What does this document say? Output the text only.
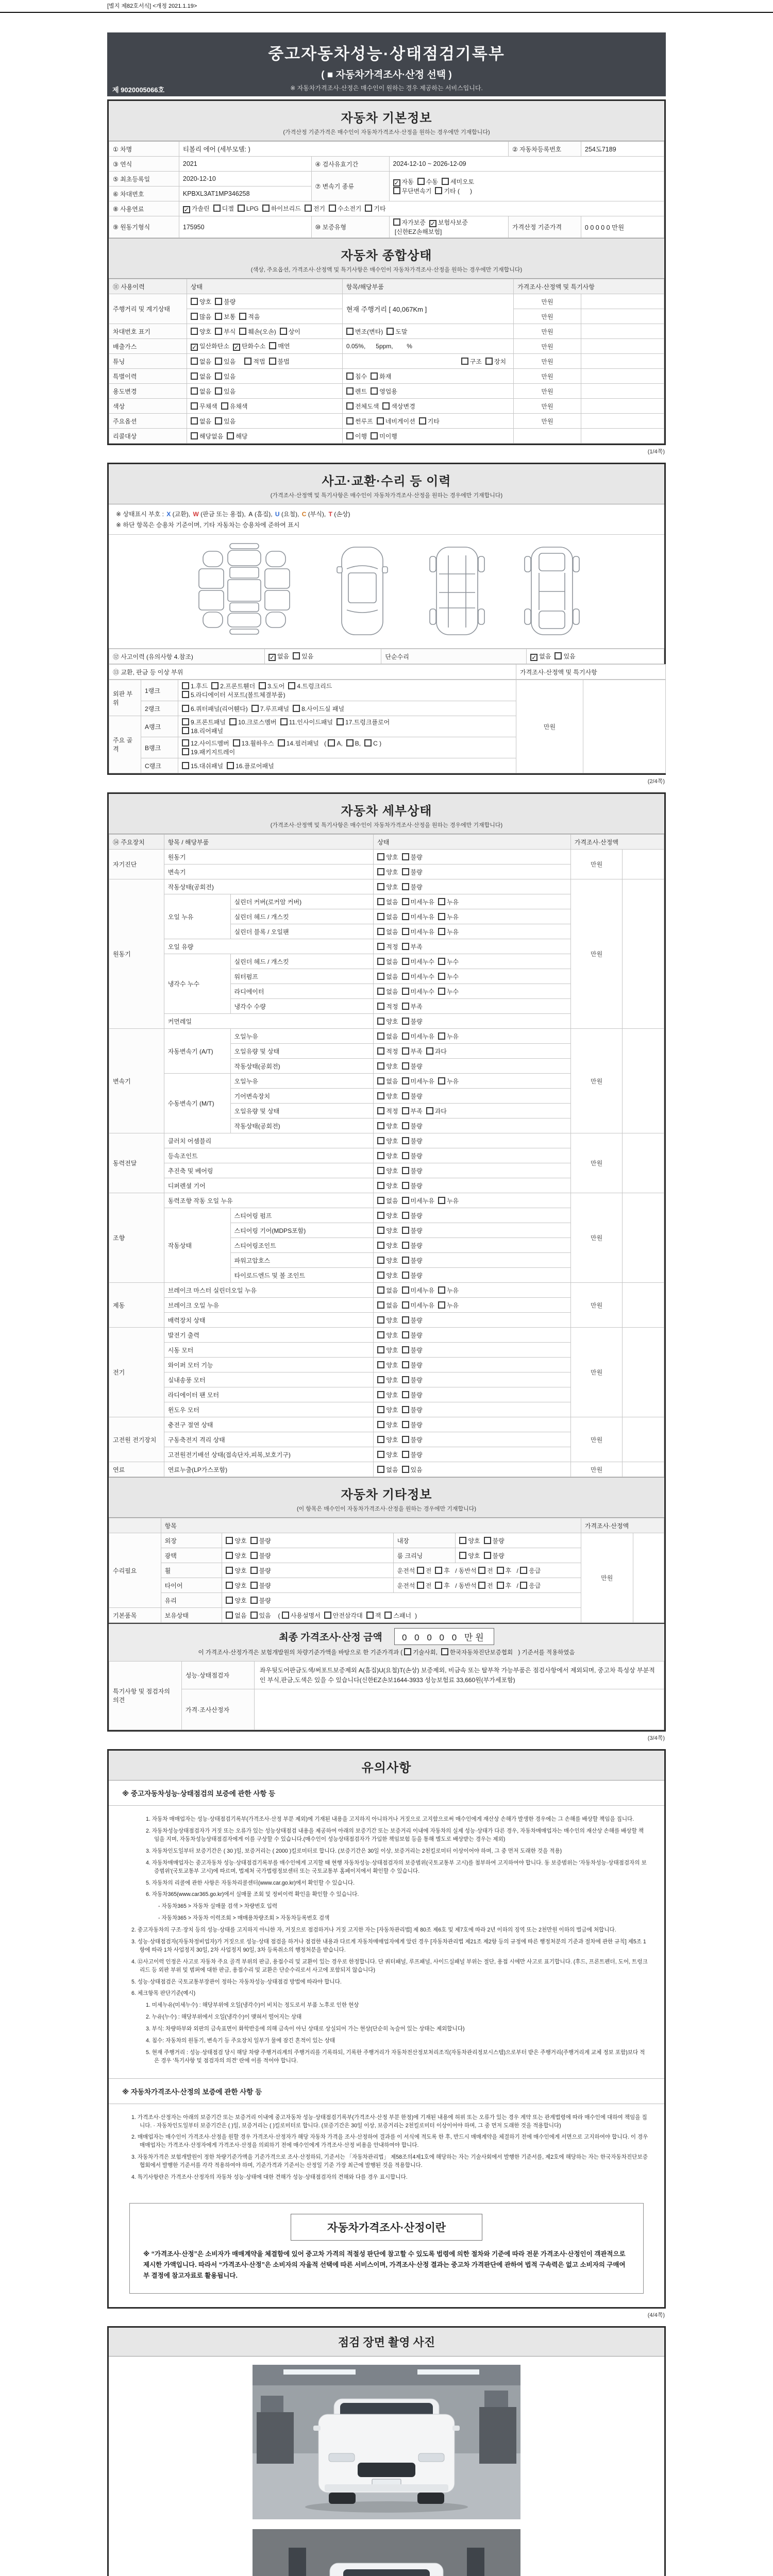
[별지 제82호서식] <개정 2021.1.19>
중고자동차성능·상태점검기록부
( ■ 자동차가격조사·산정 선택 )
※ 자동차가격조사·산정은 매수인이 원하는 경우 제공하는 서비스입니다.
제 9020005066호
자동차 기본정보
(가격산정 기준가격은 매수인이 자동차가격조사·산정을 원하는 경우에만 기재합니다)
① 차명	티볼리 에어 (세부모델: )			② 자동차등록번호	254도7189
③ 연식	2021	④ 검사유효기간	2024-12-10 ~ 2026-12-09		
⑤ 최초등록일	2020-12-10	⑦ 변속기 종류	✓ 자동 수동 세미오토
무단변속기 기타 (      )		
⑥ 차대번호	KPBXL3AT1MP346258				
⑧ 사용연료	✓ 가솔린 디젤 LPG 하이브리드 전기 수소전기 기타				
⑨ 원동기형식	175950	⑩ 보증유형	자가보증 ✓ 보험사보증 [신한EZ손해보험]	가격산정 기준가격	0 0 0 0 0 만원
자동차 종합상태
(색상, 주요옵션, 가격조사·산정액 및 특기사항은 매수인이 자동차가격조사·산정을 원하는 경우에만 기재합니다)
⑪ 사용이력	상태	항목/해당부품	가격조사·산정액 및 특기사항	
주행거리 및 계기상태	양호 불량	현재 주행거리 [ 40,067Km ]	만원	
	많음 보통 적음		만원	
차대번호 표기	양호 부식 훼손(오손) 상이	변조(변타) 도말	만원	
배출가스	✓ 일산화탄소 ✓ 탄화수소 매연	0.05%,      5ppm,        %	만원	
튜닝	없음 있음 적법 불법	구조 장치	만원	
특별이력	없음 있음	침수 화재	만원	
용도변경	없음 있음	렌트 영업용	만원	
색상	무채색 유채색	전체도색 색상변경	만원	
주요옵션	없음 있음	썬루프 네비게이션 기타	만원	
리콜대상	해당없음 해당	이행 미이행		
(1/4쪽)
사고·교환·수리 등 이력
(가격조사·산정액 및 특기사항은 매수인이 자동차가격조사·산정을 원하는 경우에만 기재합니다)
※ 상태표시 부호 : X (교환), W (판금 또는 용접), A (흠집), U (요철), C (부식), T (손상)
※ 하단 항목은 승용차 기준이며, 기타 자동차는 승용차에 준하여 표시
⑫ 사고이력 (유의사항 4.참조)	✓ 없음 있음	단순수리	✓ 없음 있음
⑬ 교환, 판금 등 이상 부위	가격조사·산정액 및 특기사항
외판 부위	1랭크	1.후드 2.프론트휀더 3.도어 4.트렁크리드
5.라디에이터 서포트(볼트체결부품)	만원	
	2랭크	6.쿼터패널(리어휀다) 7.루프패널 8.사이드실 패널		
주요 골격	A랭크	9.프론트패널 10.크로스멤버 11.인사이드패널 17.트렁크플로어
18.리어패널		
	B랭크	12.사이드멤버 13.휠하우스 14.필러패널 ( A, B, C )
19.패키지트레이		
	C랭크	15.대쉬패널 16.플로어패널		
(2/4쪽)
자동차 세부상태
(가격조사·산정액 및 특기사항은 매수인이 자동차가격조사·산정을 원하는 경우에만 기재합니다)
⑭ 주요장치	항목 / 해당부품		상태	가격조사·산정액	
자기진단	원동기		양호 불량	만원	
	변속기		양호 불량		
원동기	작동상태(공회전)		양호 불량	만원	
	오일 누유	실린더 커버(로커암 커버)	없음 미세누유 누유		
		실린더 헤드 / 개스킷	없음 미세누유 누유		
		실린더 블록 / 오일팬	없음 미세누유 누유		
	오일 유량		적정 부족		
	냉각수 누수	실린더 헤드 / 개스킷	없음 미세누수 누수		
		워터펌프	없음 미세누수 누수		
		라디에이터	없음 미세누수 누수		
		냉각수 수량	적정 부족		
	커먼레일		양호 불량		
변속기	자동변속기 (A/T)	오일누유	없음 미세누유 누유	만원	
		오일유량 및 상태	적정 부족 과다		
		작동상태(공회전)	양호 불량		
	수동변속기 (M/T)	오일누유	없음 미세누유 누유		
		기어변속장치	양호 불량		
		오일유량 및 상태	적정 부족 과다		
		작동상태(공회전)	양호 불량		
동력전달	클러치 어셈블리		양호 불량	만원	
	등속조인트		양호 불량		
	추진축 및 베어링		양호 불량		
	디퍼렌셜 기어		양호 불량		
조향	동력조향 작동 오일 누유		없음 미세누유 누유	만원	
	작동상태	스티어링 펌프	양호 불량		
		스티어링 기어(MDPS포함)	양호 불량		
		스티어링조인트	양호 불량		
		파워고압호스	양호 불량		
		타이로드엔드 및 볼 조인트	양호 불량		
제동	브레이크 마스터 실린더오일 누유		없음 미세누유 누유	만원	
	브레이크 오일 누유		없음 미세누유 누유		
	배력장치 상태		양호 불량		
전기	발전기 출력		양호 불량	만원	
	시동 모터		양호 불량		
	와이퍼 모터 기능		양호 불량		
	실내송풍 모터		양호 불량		
	라디에이터 팬 모터		양호 불량		
	윈도우 모터		양호 불량		
고전원 전기장치	충전구 절연 상태		양호 불량	만원	
	구동축전지 격리 상태		양호 불량		
	고전원전기배선 상태(접속단자,피복,보호기구)		양호 불량		
연료	연료누출(LP가스포함)		없음 있음	만원	
자동차 기타정보
(이 항목은 매수인이 자동차가격조사·산정을 원하는 경우에만 기재합니다)
	항목				가격조사·산정액	
수리필요	외장	양호 불량	내장	양호 불량	만원	
	광택	양호 불량	룸 크리닝	양호 불량		
	휠	양호 불량	운전석 전 후 / 동반석 전 후 / 응급			
	타이어	양호 불량	운전석 전 후 / 동반석 전 후 / 응급			
	유리	양호 불량				
기본품목	보유상태	없음 있음  ( 사용설명서 안전삼각대 잭 스패너 )				
최종 가격조사·산정 금액 0 0 0 0 0 만원
이 가격조사·산정가격은 보험개발원의 차량기준가액을 바탕으로 한 기준가격과 ( 기술사회, 한국자동차진단보증협회 ) 기준서를 적용하였음
특기사항 및 점검자의 의견	성능·상태점검자	좌우뒷도어판금도색/써포트보증제외 A(흠집)U(요철)T(손상) 보증제외, 비금속 또는 탈부착 가능부품은 점검사항에서 제외되며, 중고차 특성상 부분적인 부식,판금,도색은 있을 수 있습니다(신한EZ손보1644-3933 성능보험료 33,660원(부가세포함)
	가격·조사산정자	
(3/4쪽)
유의사항
※ 중고자동차성능·상태점검의 보증에 관한 사항 등
1. 자동차 매매업자는 성능·상태점검기록부(가격조사·산정 부분 제외)에 기재된 내용을 고지하지 아니하거나 거짓으로 고지함으로써 매수인에게 재산상 손해가 발생한 경우에는 그 손해를 배상할 책임을 집니다.
2. 자동차성능상태점검자가 거짓 또는 오류가 있는 성능상태점검 내용을 제공하여 아래의 보증기간 또는 보증거리 이내에 자동차의 실제 성능·상태가 다른 경우, 자동차매매업자는 매수인의 재산상 손해를 배상할 책임을 지며, 자동차성능상태점검자에게 이를 구상할 수 있습니다.(매수인이 성능상태점검자가 가입한 책임보험 등을 통해 별도로 배상받는 경우는 제외)
3. 자동차인도일부터 보증기간은 ( 30 )일, 보증거리는 ( 2000 )킬로미터로 합니다. (보증기간은 30일 이상, 보증거리는 2천킬로미터 이상이어야 하며, 그 중 먼저 도래한 것을 적용)
4. 자동차매매업자는 중고자동차 성능·상태점검기록부를 매수인에게 고지할 때 현행 자동차성능·상태점검자의 보증범위(국토교통부 고시)를 첨부하여 고지하여야 합니다. 동 보증범위는 '자동차성능·상태점검자의 보증범위'(국토교통부 고시)에 따르며, 법제처 국가법령정보센터 또는 국토교통부 홈페이지에서 확인할 수 있습니다.
5. 자동차의 리콜에 관한 사항은 자동차리콜센터(www.car.go.kr)에서 확인할 수 있습니다.
6. 자동차365(www.car365.go.kr)에서 실매물 조회 및 정비이력 확인을 확인할 수 있습니다.
- 자동차365 > 자동차 실매물 검색 > 차량번호 입력
- 자동차365 > 자동차 이력조회 > 매매용차량조회 > 자동차등록번호 검색
2. 중고자동차의 구조·장치 등의 성능·상태를 고지하지 아니한 자, 거짓으로 점검하거나 거짓 고지한 자는 [자동차관리법] 제 80조 제6호 및 제7호에 따라 2년 이하의 징역 또는 2천만원 이하의 벌금에 처합니다.
3. 성능·상태점검자(자동차정비업자)가 거짓으로 성능·상태 점검을 하거나 점검한 내용과 다르게 자동차매매업자에게 알린 경우 [자동차관리법 제21조 제2항 등의 규정에 따른 행정처분의 기준과 절차에 관한 규칙] 제5조 1항에 따라 1차 사업정지 30일, 2차 사업정지 90일, 3차 등록취소의 행정처분을 받습니다.
4. ⑫사고이력 인정은 사고로 자동차 주요 골격 부위의 판금, 용접수리 및 교환이 있는 경우로 한정합니다. 단 쿼터패널, 루프패널, 사이드실패널 부위는 절단, 용접 시에만 사고로 표기합니다. (후드, 프론트펜더, 도어, 트렁크리드 등 외판 부위 및 범퍼에 대한 판금, 용접수리 및 교환은 단순수리로서 사고에 포함되지 않습니다)
5. 성능·상태점검은 국토교통부장관이 정하는 자동차성능·상태점검 방법에 따라야 합니다.
6. 체크항목 판단기준(예시)
1. 미세누유(미세누수) : 해당부위에 오일(냉각수)이 비치는 정도로서 부품 노후로 인한 현상
2. 누유(누수) : 해당부위에서 오일(냉각수)이 맺혀서 떨어지는 상태
3. 부식: 차량하부와 외판의 금속표면이 화학반응에 의해 금속이 아닌 상태로 상실되어 가는 현상(단순히 녹슬어 있는 상태는 제외합니다)
4. 침수: 자동차의 원동기, 변속기 등 주요장치 일부가 물에 잠긴 흔적이 있는 상태
5. 현재 주행거리 : 성능·상태점검 당시 해당 차량 주행거리계의 주행거리를 기록하되, 기록한 주행거리가 자동차전산정보처리조직(자동차관리정보시스템)으로부터 받은 주행거리(주행거리계 교체 정보 포함)보다 적은 경우 '특기사항 및 점검자의 의견' 란에 이를 적어야 합니다.
※ 자동차가격조사·산정의 보증에 관한 사항 등
1. 가격조사·산정자는 아래의 보증기간 또는 보증거리 이내에 중고자동차 성능·상태점검기록부(가격조사·산정 부분 한정)에 기재된 내용에 허위 또는 오류가 있는 경우 계약 또는 관계법령에 따라 매수인에 대하여 책임을 집니다. · 자동차인도일부터 보증기간은 ( )일, 보증거리는 ( )킬로미터로 합니다. (보증기간은 30일 이상, 보증거리는 2천킬로미터 이상이어야 하며, 그 중 먼저 도래한 것을 적용합니다)
2. 매매업자는 매수인이 가격조사·산정을 원할 경우 가격조사·산정자가 해당 자동차 가격을 조사·산정하여 결과를 이 서식에 적도록 한 후, 반드시 매매계약을 체결하기 전에 매수인에게 서면으로 고지하여야 합니다. 이 경우 매매업자는 가격조사·산정자에게 가격조사·산정을 의뢰하기 전에 매수인에게 가격조사·산정 비용을 안내하여야 합니다.
3. 자동차가격은 보험개발원이 정한 차량기준가액을 기준가격으로 조사·산정하되, 기준서는 「자동차관리법」 제58조의4제1호에 해당하는 자는 기술사회에서 발행한 기준서를, 제2호에 해당하는 자는 한국자동차진단보증협회에서 발행한 기준서를 각각 적용하여야 하며, 기준가격과 기준서는 산정일 기준 가장 최근에 발행된 것을 적용합니다.
4. 특기사항란은 가격조사·산정자의 자동차 성능·상태에 대한 견해가 성능·상태점검자의 견해와 다를 경우 표시합니다.
자동차가격조사·산정이란
※ “가격조사·산정”은 소비자가 매매계약을 체결함에 있어 중고차 가격의 적절성 판단에 참고할 수 있도록 법령에 의한 절차와 기준에 따라 전문 가격조사·산정인이 객관적으로 제시한 가액입니다. 따라서 “가격조사·산정”은 소비자의 자율적 선택에 따른 서비스이며, 가격조사·산정 결과는 중고차 가격판단에 관하여 법적 구속력은 없고 소비자의 구매여부 결정에 참고자료로 활용됩니다.
(4/4쪽)
점검 장면 촬영 사진
